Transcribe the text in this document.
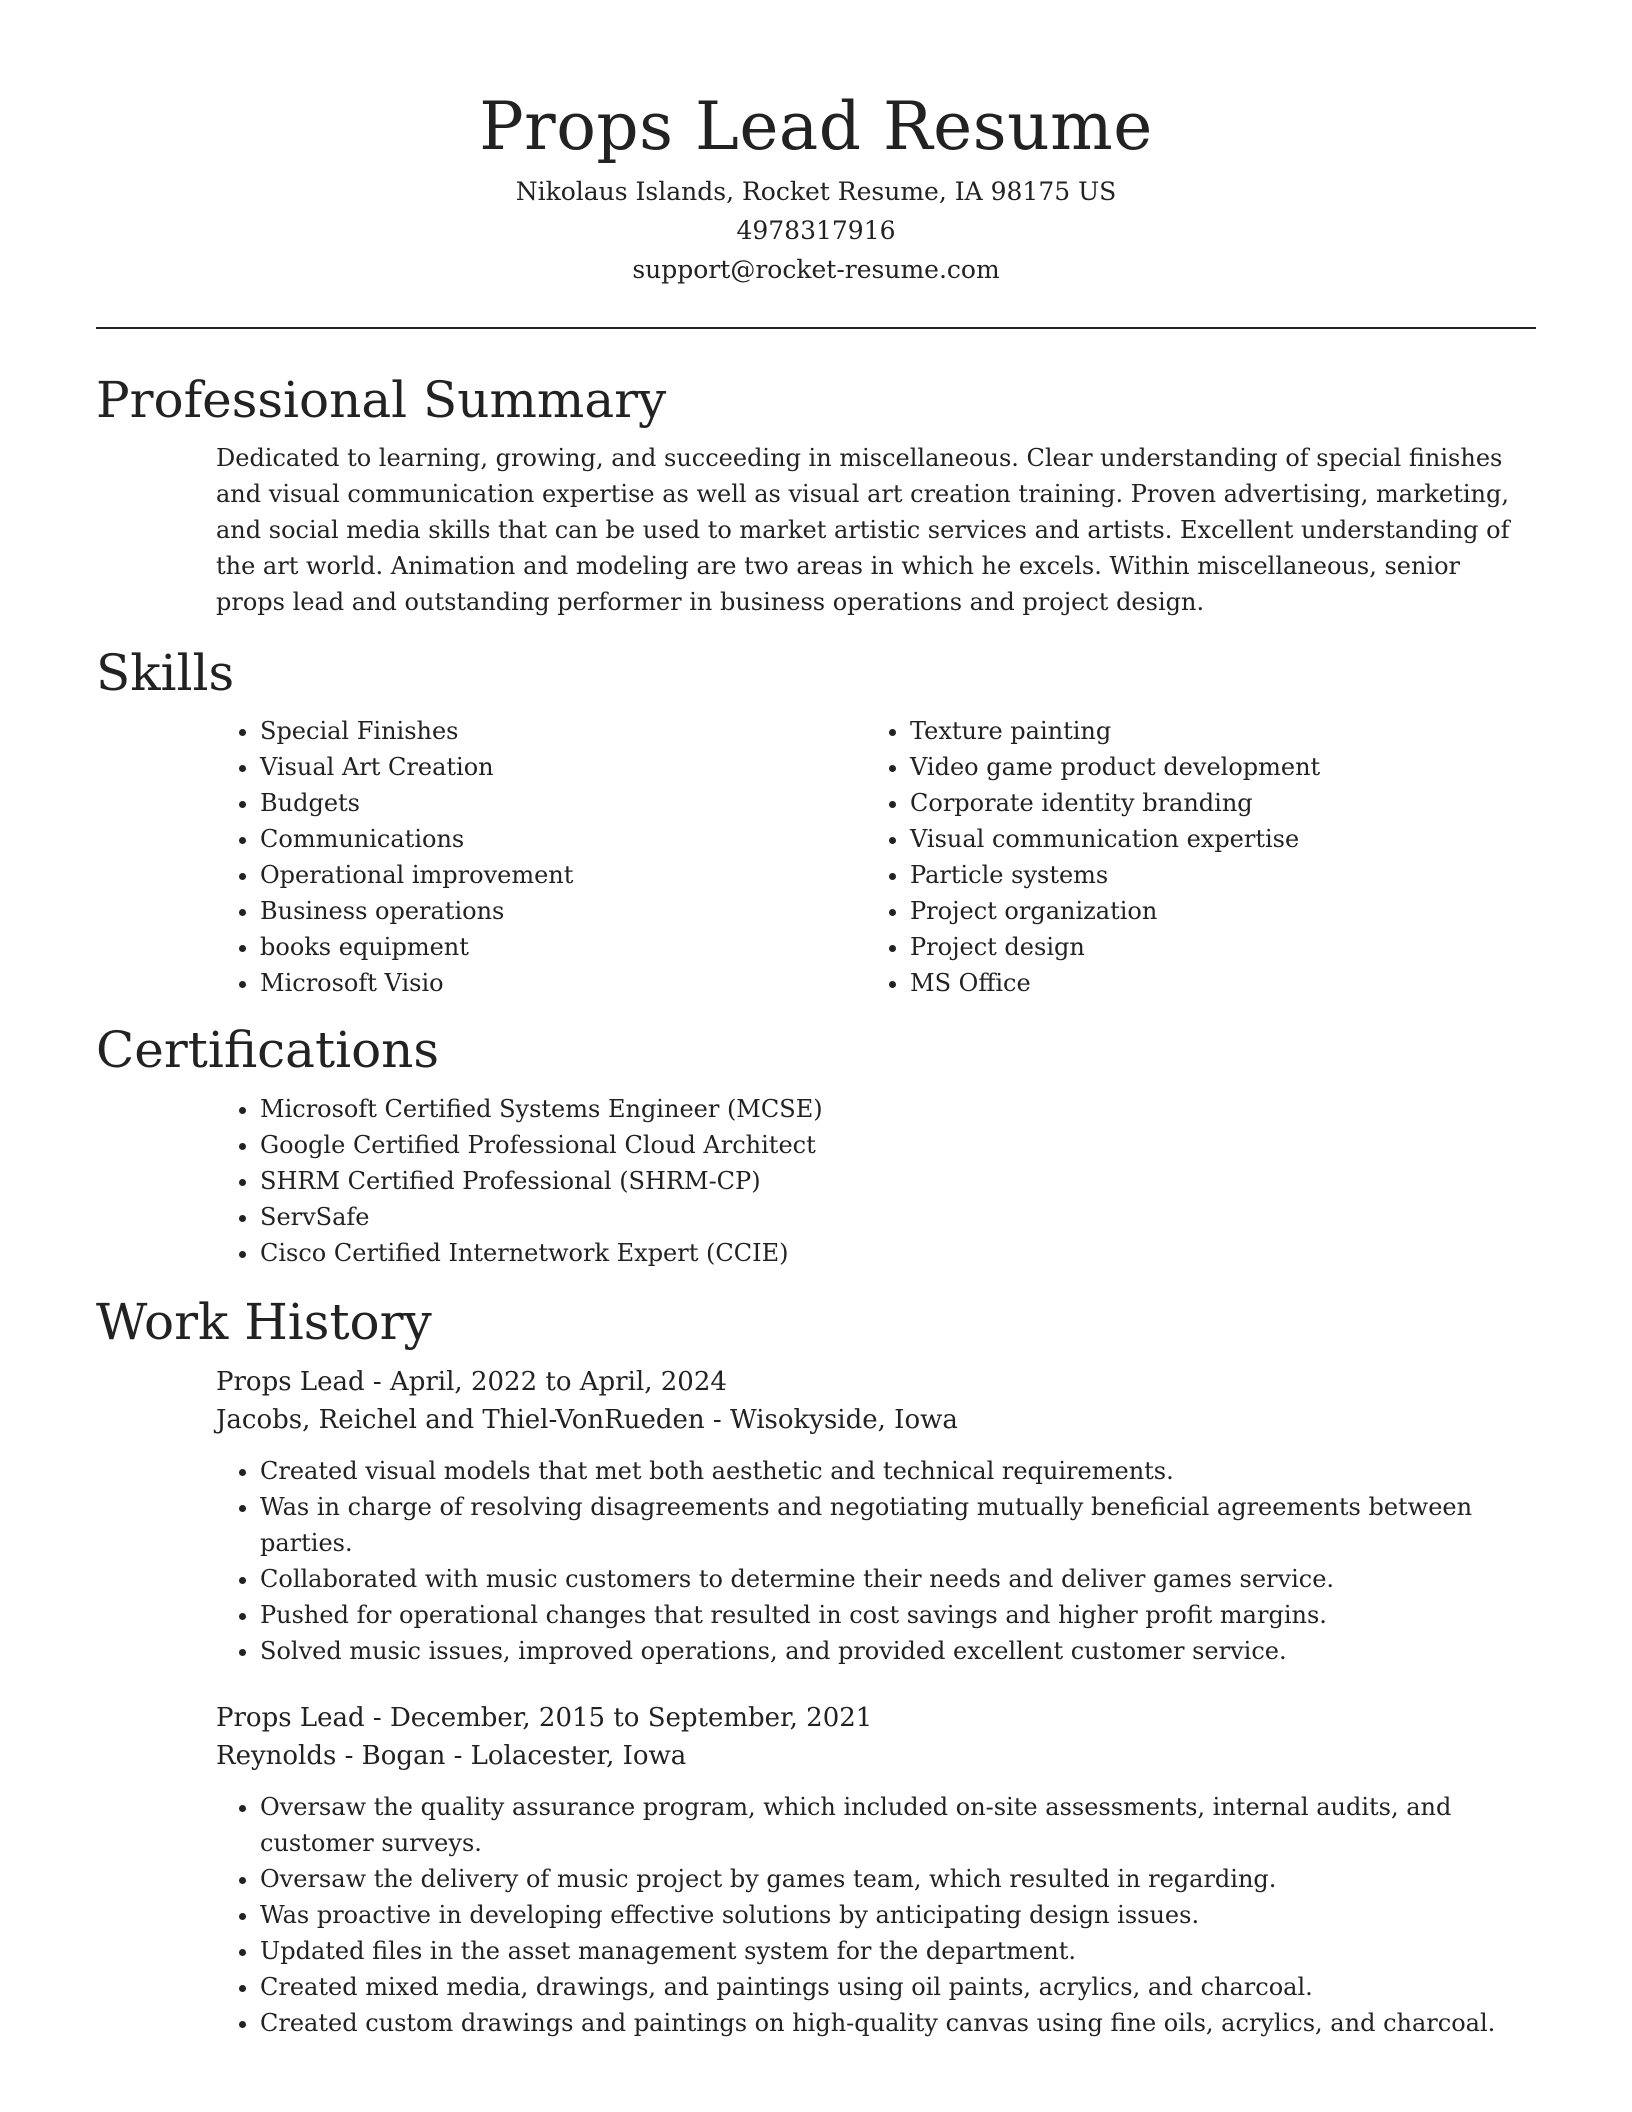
Props Lead Resume
Nikolaus Islands, Rocket Resume, IA 98175 US
4978317916
support@rocket-resume.com
Professional Summary
Dedicated to learning, growing, and succeeding in miscellaneous. Clear understanding of special finishes and visual communication expertise as well as visual art creation training. Proven advertising, marketing, and social media skills that can be used to market artistic services and artists. Excellent understanding of the art world. Animation and modeling are two areas in which he excels. Within miscellaneous, senior props lead and outstanding performer in business operations and project design.
Skills
• Special Finishes
• Visual Art Creation
• Budgets
• Communications
• Operational improvement
• Business operations
• books equipment
• Microsoft Visio
• Texture painting
• Video game product development
• Corporate identity branding
• Visual communication expertise
• Particle systems
• Project organization
• Project design
• MS Office
Certifications
• Microsoft Certified Systems Engineer (MCSE)
• Google Certified Professional Cloud Architect
• SHRM Certified Professional (SHRM-CP)
• ServSafe
• Cisco Certified Internetwork Expert (CCIE)
Work History
Props Lead - April, 2022 to April, 2024
Jacobs, Reichel and Thiel-VonRueden - Wisokyside, Iowa
• Created visual models that met both aesthetic and technical requirements.
• Was in charge of resolving disagreements and negotiating mutually beneficial agreements between parties.
• Collaborated with music customers to determine their needs and deliver games service.
• Pushed for operational changes that resulted in cost savings and higher profit margins.
• Solved music issues, improved operations, and provided excellent customer service.
Props Lead - December, 2015 to September, 2021
Reynolds - Bogan - Lolacester, Iowa
• Oversaw the quality assurance program, which included on-site assessments, internal audits, and customer surveys.
• Oversaw the delivery of music project by games team, which resulted in regarding.
• Was proactive in developing effective solutions by anticipating design issues.
• Updated files in the asset management system for the department.
• Created mixed media, drawings, and paintings using oil paints, acrylics, and charcoal.
• Created custom drawings and paintings on high-quality canvas using fine oils, acrylics, and charcoal.
